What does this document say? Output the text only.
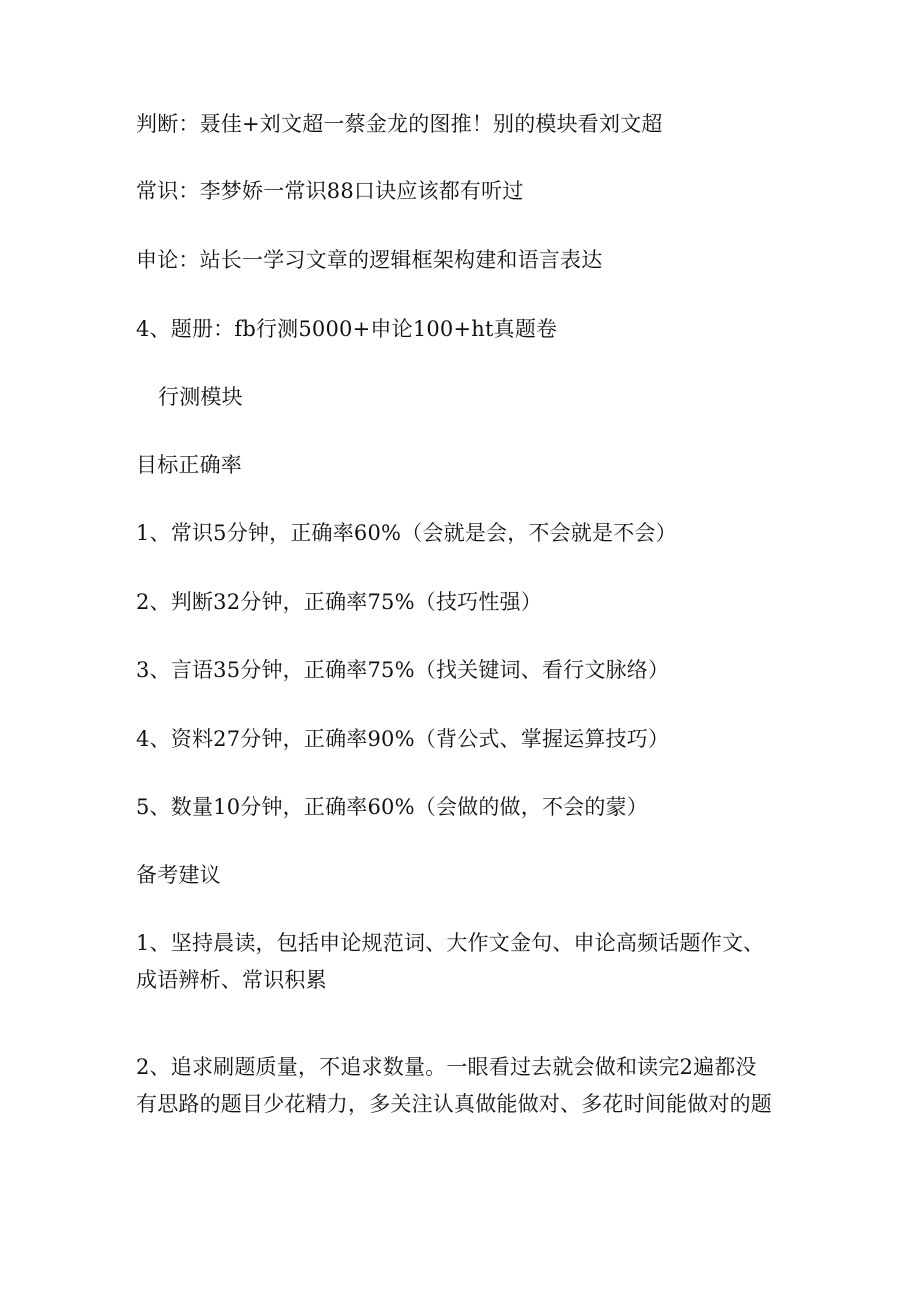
判断：聂佳+刘文超一蔡金龙的图推！别的模块看刘文超
常识：李梦娇一常识88口诀应该都有听过
申论：站长一学习文章的逻辑框架构建和语言表达
4、题册：fb行测5000+申论100+ht真题卷
行测模块
目标正确率
1、常识5分钟，正确率60%（会就是会，不会就是不会）
2、判断32分钟，正确率75%（技巧性强）
3、言语35分钟，正确率75%（找关键词、看行文脉络）
4、资料27分钟，正确率90%（背公式、掌握运算技巧）
5、数量10分钟，正确率60%（会做的做，不会的蒙）
备考建议
1、坚持晨读，包括申论规范词、大作文金句、申论高频话题作文、
成语辨析、常识积累
2、追求刷题质量，不追求数量。一眼看过去就会做和读完2遍都没
有思路的题目少花精力，多关注认真做能做对、多花时间能做对的题
